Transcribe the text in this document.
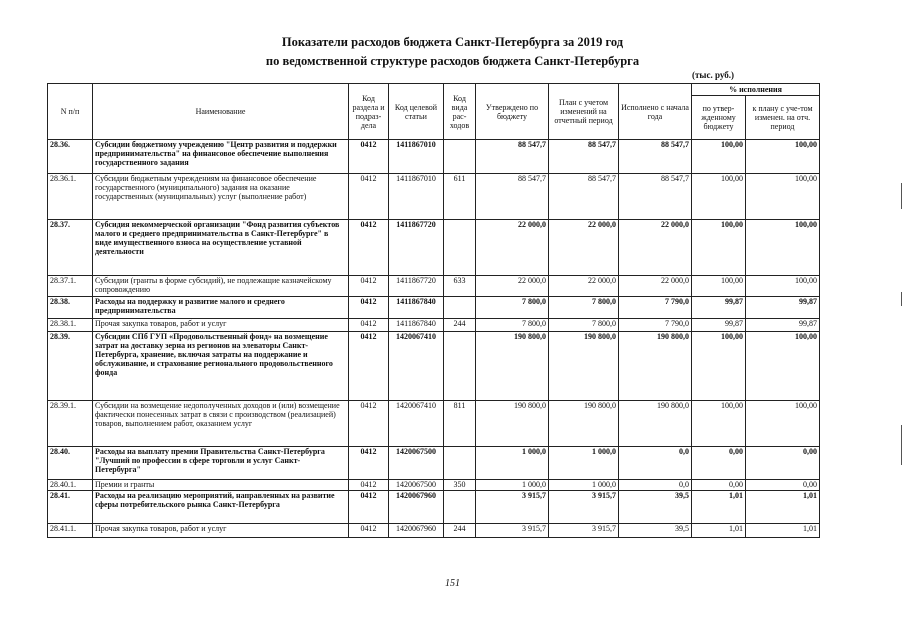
Показатели расходов бюджета Санкт-Петербурга за 2019 год
по ведомственной структуре расходов бюджета Санкт-Петербурга
(тыс. руб.)
N п/п	Наименование	Код раздела и подраз-дела	Код целевой статьи	Код вида рас-ходов	Утверждено по бюджету	План с учетом изменений на отчетный период	Исполнено с начала года	% исполнения	
								по утвер-жденному бюджету	к плану с уче-том изменен. на отч. период
28.36.	Субсидии бюджетному учреждению "Центр развития и поддержки предпринимательства" на финансовое обеспечение выполнения государственного задания	0412	1411867010		88 547,7	88 547,7	88 547,7	100,00	100,00
28.36.1.	Субсидии бюджетным учреждениям на финансовое обеспечение государственного (муниципального) задания на оказание государственных (муниципальных) услуг (выполнение работ)	0412	1411867010	611	88 547,7	88 547,7	88 547,7	100,00	100,00
28.37.	Субсидия некоммерческой организации "Фонд развития субъектов малого и среднего предпринимательства в Санкт-Петербурге" в виде имущественного взноса на осуществление уставной деятельности	0412	1411867720		22 000,0	22 000,0	22 000,0	100,00	100,00
28.37.1.	Субсидии (гранты в форме субсидий), не подлежащие казначейскому сопровождению	0412	1411867720	633	22 000,0	22 000,0	22 000,0	100,00	100,00
28.38.	Расходы на поддержку и развитие малого и среднего предпринимательства	0412	1411867840		7 800,0	7 800,0	7 790,0	99,87	99,87
28.38.1.	Прочая закупка товаров, работ и услуг	0412	1411867840	244	7 800,0	7 800,0	7 790,0	99,87	99,87
28.39.	Субсидии СПб ГУП «Продовольственный фонд» на возмещение затрат на доставку зерна из регионов на элеваторы Санкт-Петербурга, хранение, включая затраты на поддержание и обслуживание, и страхование регионального продовольственного фонда	0412	1420067410		190 800,0	190 800,0	190 800,0	100,00	100,00
28.39.1.	Субсидии на возмещение недополученных доходов и (или) возмещение фактически понесенных затрат в связи с производством (реализацией) товаров, выполнением работ, оказанием услуг	0412	1420067410	811	190 800,0	190 800,0	190 800,0	100,00	100,00
28.40.	Расходы на выплату премии Правительства Санкт-Петербурга "Лучший по профессии в сфере торговли и услуг Санкт-Петербурга"	0412	1420067500		1 000,0	1 000,0	0,0	0,00	0,00
28.40.1.	Премии и гранты	0412	1420067500	350	1 000,0	1 000,0	0,0	0,00	0,00
28.41.	Расходы на реализацию мероприятий, направленных на развитие сферы потребительского рынка Санкт-Петербурга	0412	1420067960		3 915,7	3 915,7	39,5	1,01	1,01
28.41.1.	Прочая закупка товаров, работ и услуг	0412	1420067960	244	3 915,7	3 915,7	39,5	1,01	1,01
151
